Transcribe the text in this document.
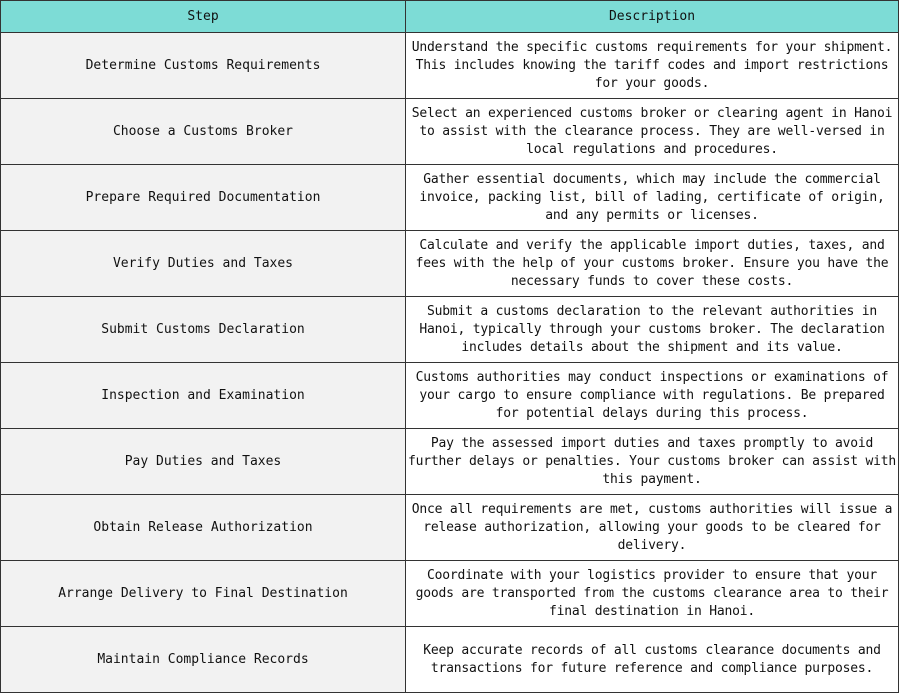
Step	Description
Determine Customs Requirements	Understand the specific customs requirements for your shipment. This includes knowing the tariff codes and import restrictions for your goods.
Choose a Customs Broker	Select an experienced customs broker or clearing agent in Hanoi to assist with the clearance process. They are well-versed in local regulations and procedures.
Prepare Required Documentation	Gather essential documents, which may include the commercial invoice, packing list, bill of lading, certificate of origin, and any permits or licenses.
Verify Duties and Taxes	Calculate and verify the applicable import duties, taxes, and fees with the help of your customs broker. Ensure you have the necessary funds to cover these costs.
Submit Customs Declaration	Submit a customs declaration to the relevant authorities in Hanoi, typically through your customs broker. The declaration includes details about the shipment and its value.
Inspection and Examination	Customs authorities may conduct inspections or examinations of your cargo to ensure compliance with regulations. Be prepared for potential delays during this process.
Pay Duties and Taxes	Pay the assessed import duties and taxes promptly to avoid further delays or penalties. Your customs broker can assist with this payment.
Obtain Release Authorization	Once all requirements are met, customs authorities will issue a release authorization, allowing your goods to be cleared for delivery.
Arrange Delivery to Final Destination	Coordinate with your logistics provider to ensure that your goods are transported from the customs clearance area to their final destination in Hanoi.
Maintain Compliance Records	Keep accurate records of all customs clearance documents and transactions for future reference and compliance purposes.
